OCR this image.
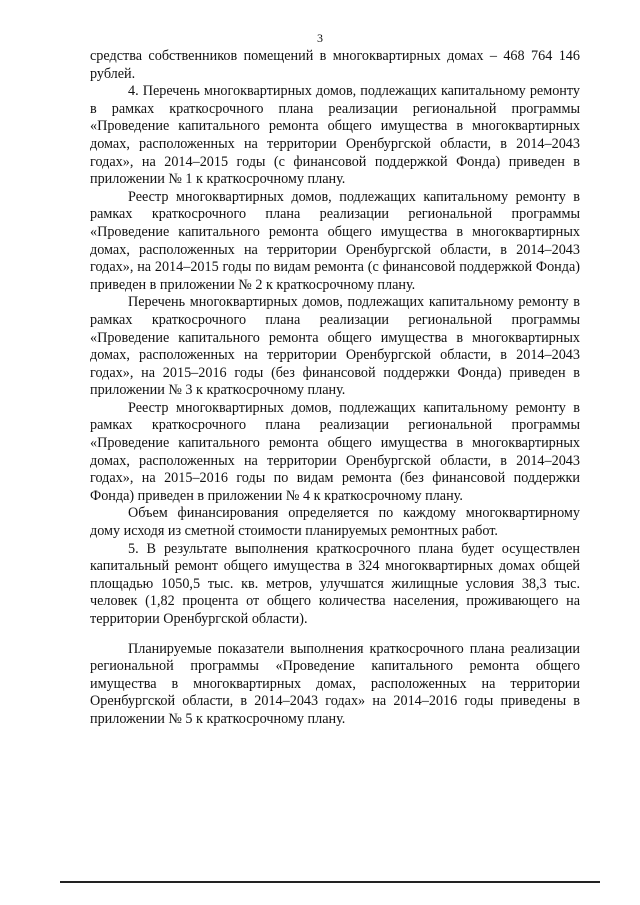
3

средства собственников помещений в многоквартирных домах – 468 764 146 рублей.

4. Перечень многоквартирных домов, подлежащих капитальному ремонту в рамках краткосрочного плана реализации региональной программы «Проведение капитального ремонта общего имущества в многоквартирных домах, расположенных на территории Оренбургской области, в 2014–2043 годах», на 2014–2015 годы (с финансовой поддержкой Фонда) приведен в приложении № 1 к краткосрочному плану.

Реестр многоквартирных домов, подлежащих капитальному ремонту в рамках краткосрочного плана реализации региональной программы «Проведение капитального ремонта общего имущества в многоквартирных домах, расположенных на территории Оренбургской области, в 2014–2043 годах», на 2014–2015 годы по видам ремонта (с финансовой поддержкой Фонда) приведен в приложении № 2 к краткосрочному плану.

Перечень многоквартирных домов, подлежащих капитальному ремонту в рамках краткосрочного плана реализации региональной программы «Проведение капитального ремонта общего имущества в многоквартирных домах, расположенных на территории Оренбургской области, в 2014–2043 годах», на 2015–2016 годы (без финансовой поддержки Фонда) приведен в приложении № 3 к краткосрочному плану.

Реестр многоквартирных домов, подлежащих капитальному ремонту в рамках краткосрочного плана реализации региональной программы «Проведение капитального ремонта общего имущества в многоквартирных домах, расположенных на территории Оренбургской области, в 2014–2043 годах», на 2015–2016 годы по видам ремонта (без финансовой поддержки Фонда) приведен в приложении № 4 к краткосрочному плану.

Объем финансирования определяется по каждому многоквартирному дому исходя из сметной стоимости планируемых ремонтных работ.

5. В результате выполнения краткосрочного плана будет осуществлен капитальный ремонт общего имущества в 324 многоквартирных домах общей площадью 1050,5 тыс. кв. метров, улучшатся жилищные условия 38,3 тыс. человек (1,82 процента от общего количества населения, проживающего на территории Оренбургской области).

Планируемые показатели выполнения краткосрочного плана реализации региональной программы «Проведение капитального ремонта общего имущества в многоквартирных домах, расположенных на территории Оренбургской области, в 2014–2043 годах» на 2014–2016 годы приведены в приложении № 5 к краткосрочному плану.
